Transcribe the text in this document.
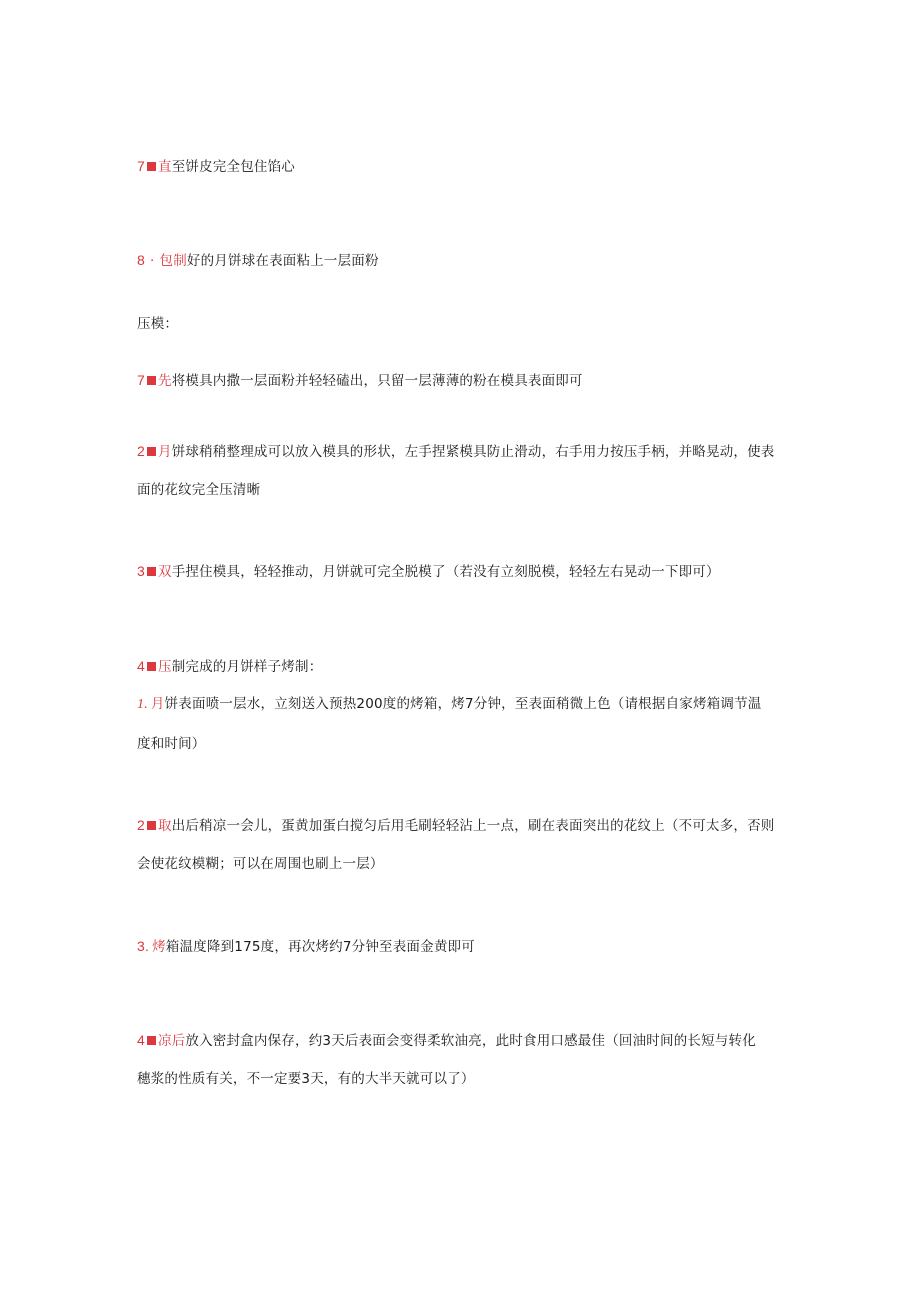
7 直至饼皮完全包住馅心
8 · 包制好的月饼球在表面粘上一层面粉
压模：
7 先将模具内撒一层面粉并轻轻磕出，只留一层薄薄的粉在模具表面即可
2 月饼球稍稍整理成可以放入模具的形状，左手捏紧模具防止滑动，右手用力按压手柄，并略晃动，使表
面的花纹完全压清晰
3 双手捏住模具，轻轻推动，月饼就可完全脱模了（若没有立刻脱模，轻轻左右晃动一下即可）
4 压制完成的月饼样子烤制：
1. 月饼表面喷一层水，立刻送入预热200度的烤箱，烤7分钟，至表面稍微上色（请根据自家烤箱调节温
度和时间）
2 取出后稍凉一会儿，蛋黄加蛋白搅匀后用毛刷轻轻沾上一点，刷在表面突出的花纹上（不可太多，否则
会使花纹模糊；可以在周围也刷上一层）
3. 烤箱温度降到175度，再次烤约7分钟至表面金黄即可
4 凉后放入密封盒内保存，约3天后表面会变得柔软油亮，此时食用口感最佳（回油时间的长短与转化
穗浆的性质有关，不一定要3天，有的大半天就可以了）
